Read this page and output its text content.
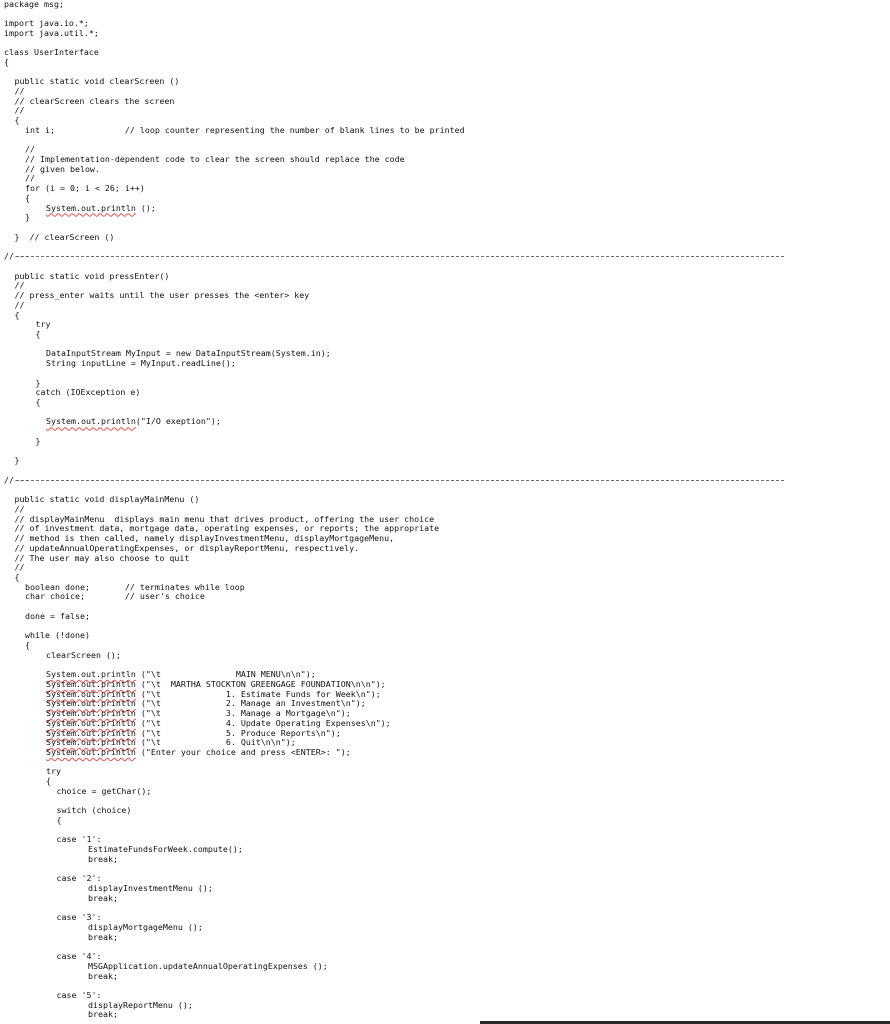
package msg;
import java.io.*;
import java.util.*;
class UserInterface
{
public static void clearScreen ()
//
// clearScreen clears the screen
//
{
int i;              // loop counter representing the number of blank lines to be printed
//
// Implementation-dependent code to clear the screen should replace the code
// given below.
//
for (i = 0; i < 26; i++)
{
System.out.println ();
}
}  // clearScreen ()
//---
public static void pressEnter()
//
// press_enter waits until the user presses the <enter> key
//
{
try
{
DataInputStream MyInput = new DataInputStream(System.in);
String inputLine = MyInput.readLine();
}
catch (IOException e)
{
System.out.println("I/O exeption");
}
}
//---
public static void displayMainMenu ()
//
// displayMainMenu  displays main menu that drives product, offering the user choice
// of investment data, mortgage data, operating expenses, or reports; the appropriate
// method is then called, namely displayInvestmentMenu, displayMortgageMenu,
// updateAnnualOperatingExpenses, or displayReportMenu, respectively.
// The user may also choose to quit
//
{
boolean done;       // terminates while loop
char choice;        // user's choice
done = false;
while (!done)
{
clearScreen ();
System.out.println ("\t               MAIN MENU\n\n");
System.out.println ("\t  MARTHA STOCKTON GREENGAGE FOUNDATION\n\n");
System.out.println ("\t             1. Estimate Funds for Week\n");
System.out.println ("\t             2. Manage an Investment\n");
System.out.println ("\t             3. Manage a Mortgage\n");
System.out.println ("\t             4. Update Operating Expenses\n");
System.out.println ("\t             5. Produce Reports\n");
System.out.println ("\t             6. Quit\n\n");
System.out.println ("Enter your choice and press <ENTER>: ");
try
{
choice = getChar();
switch (choice)
{
case '1':
EstimateFundsForWeek.compute();
break;
case '2':
displayInvestmentMenu ();
break;
case '3':
displayMortgageMenu ();
break;
case '4':
MSGApplication.updateAnnualOperatingExpenses ();
break;
case '5':
displayReportMenu ();
break;
